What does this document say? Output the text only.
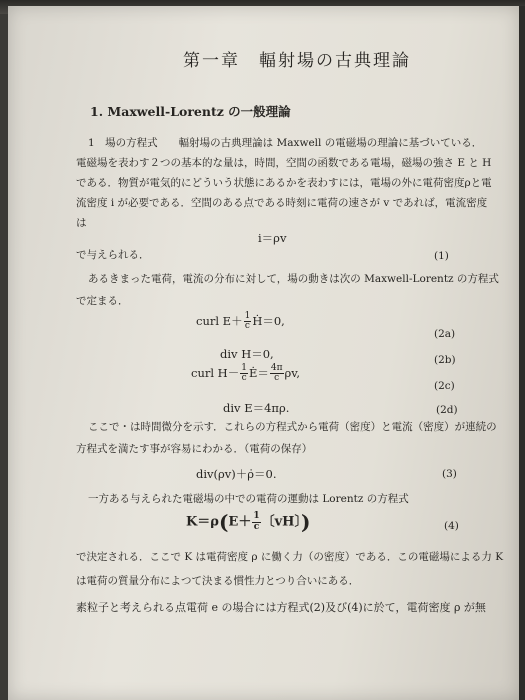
第一章　輻射場の古典理論
1. Maxwell-Lorentz の一般理論
1　場の方程式　　輻射場の古典理論は Maxwell の電磁場の理論に基づいている．
電磁場を表わす２つの基本的な量は，時間，空間の函数である電場，磁場の強さ E と H
である．物質が電気的にどういう状態にあるかを表わすには，電場の外に電荷密度ρと電
流密度 i が必要である．空間のある点である時刻に電荷の速さが v であれば，電流密度
は
i＝ρv
で与えられる．	(1)
あるきまった電荷，電流の分布に対して，場の動きは次の Maxwell-Lorentz の方程式
で定まる．
curl $E+ \frac{1}{c}$ Ḣ＝0,
(2a)
div H＝0,	(2b)
curl $H- \frac{1}{c}$ Ė＝ $\frac{4\pi}{c} \rho v$,
(2c)
div E＝4πρ.	(2d)
ここで・は時間微分を示す．これらの方程式から電荷（密度）と電流（密度）が連続の
方程式を満たす事が容易にわかる．（電荷の保存）
div(ρv)＋ρ̇＝0.	(3)
一方ある与えられた電磁場の中での電荷の運動は Lorentz の方程式
$K=\rho(E+ \frac{1}{c}$ 〔vH〕)	(4)
で決定される．ここで K は電荷密度 ρ に働く力（の密度）である．この電磁場による力 K
は電荷の質量分布によつて決まる慣性力とつり合いにある．
素粒子と考えられる点電荷 e の場合には方程式(2)及び(4)に於て，電荷密度 ρ が無
